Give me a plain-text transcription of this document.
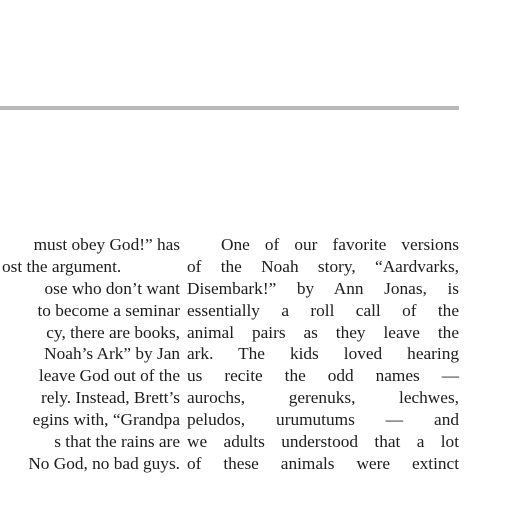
must obey God!” has
ost the argument.
ose who don’t want
to become a seminar
cy, there are books,
Noah’s Ark” by Jan
leave God out of the
rely. Instead, Brett’s
egins with, “Grandpa
s that the rains are
No God, no bad guys.
One of our favorite versions
of the Noah story, “Aardvarks,
Disembark!” by Ann Jonas, is
essentially a roll call of the
animal pairs as they leave the
ark. The kids loved hearing
us recite the odd names —
aurochs, gerenuks, lechwes,
peludos, urumutums — and
we adults understood that a lot
of these animals were extinct
